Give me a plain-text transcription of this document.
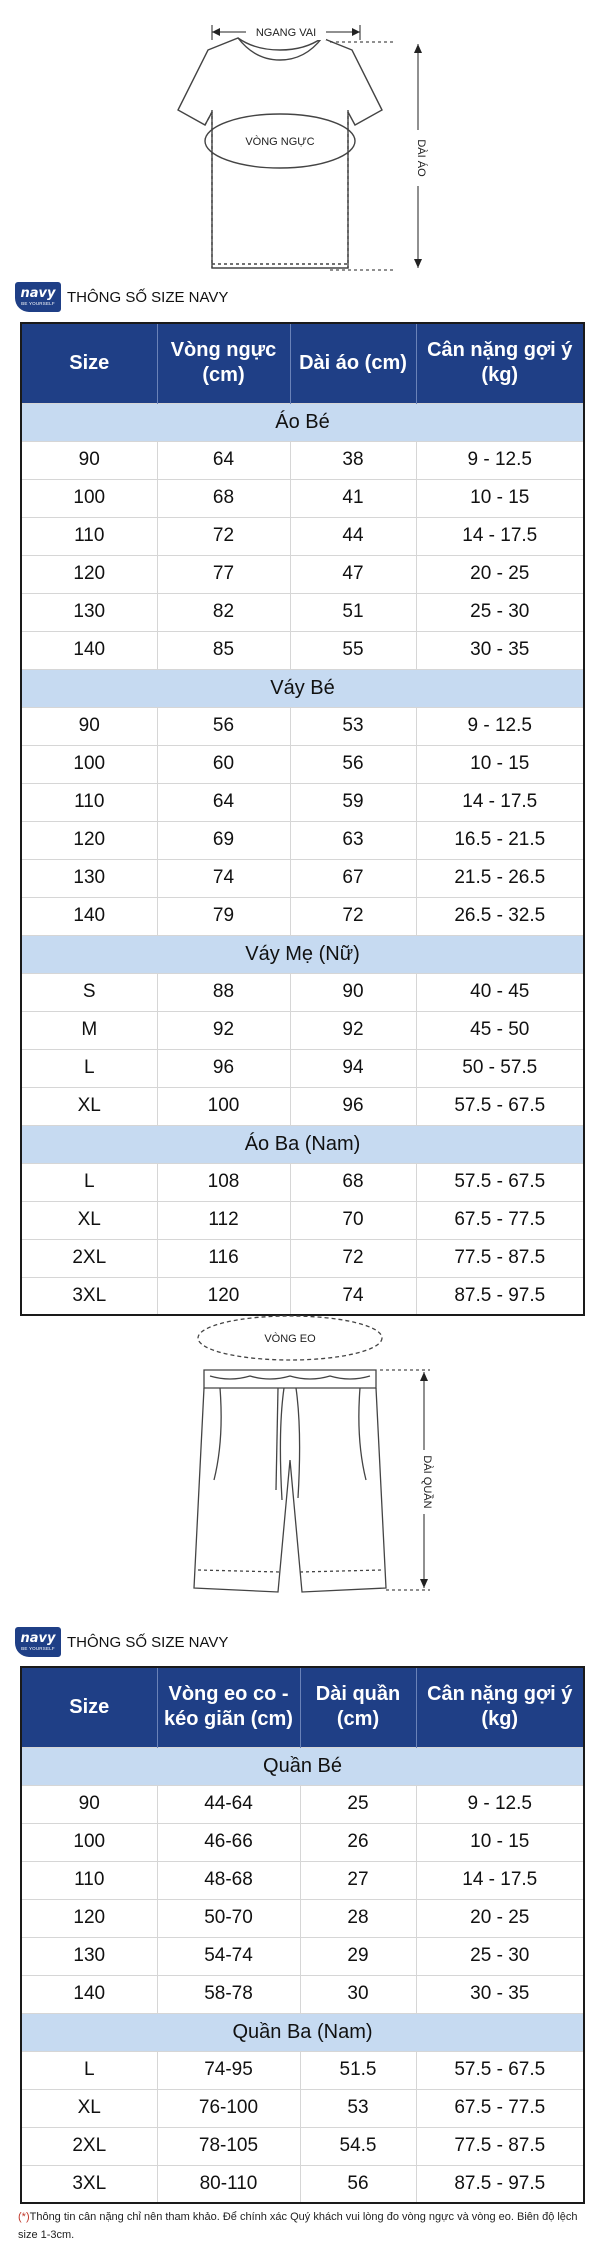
NGANG VAI
VÒNG NGỰC	DÀI ÁO
navy
BE YOURSELF THÔNG SỐ SIZE NAVY
Size	Vòng ngực (cm)	Dài áo (cm)	Cân nặng gợi ý (kg)
Áo Bé			
90	64	38	9 - 12.5
100	68	41	10 - 15
110	72	44	14 - 17.5
120	77	47	20 - 25
130	82	51	25 - 30
140	85	55	30 - 35
Váy Bé			
90	56	53	9 - 12.5
100	60	56	10 - 15
110	64	59	14 - 17.5
120	69	63	16.5 - 21.5
130	74	67	21.5 - 26.5
140	79	72	26.5 - 32.5
Váy Mẹ (Nữ)			
S	88	90	40 - 45
M	92	92	45 - 50
L	96	94	50 - 57.5
XL	100	96	57.5 - 67.5
Áo Ba (Nam)			
L	108	68	57.5 - 67.5
XL	112	70	67.5 - 77.5
2XL	116	72	77.5 - 87.5
3XL	120	74	87.5 - 97.5
VÒNG EO
DÀI QUẦN
navy
BE YOURSELF THÔNG SỐ SIZE NAVY
Size	Vòng eo co - kéo giãn (cm)	Dài quần (cm)	Cân nặng gợi ý (kg)
Quần Bé			
90	44-64	25	9 - 12.5
100	46-66	26	10 - 15
110	48-68	27	14 - 17.5
120	50-70	28	20 - 25
130	54-74	29	25 - 30
140	58-78	30	30 - 35
Quần Ba (Nam)			
L	74-95	51.5	57.5 - 67.5
XL	76-100	53	67.5 - 77.5
2XL	78-105	54.5	77.5 - 87.5
3XL	80-110	56	87.5 - 97.5
(*)Thông tin cân nặng chỉ nên tham khảo. Để chính xác Quý khách vui lòng đo vòng ngực và vòng eo. Biên độ lệch size 1-3cm.
